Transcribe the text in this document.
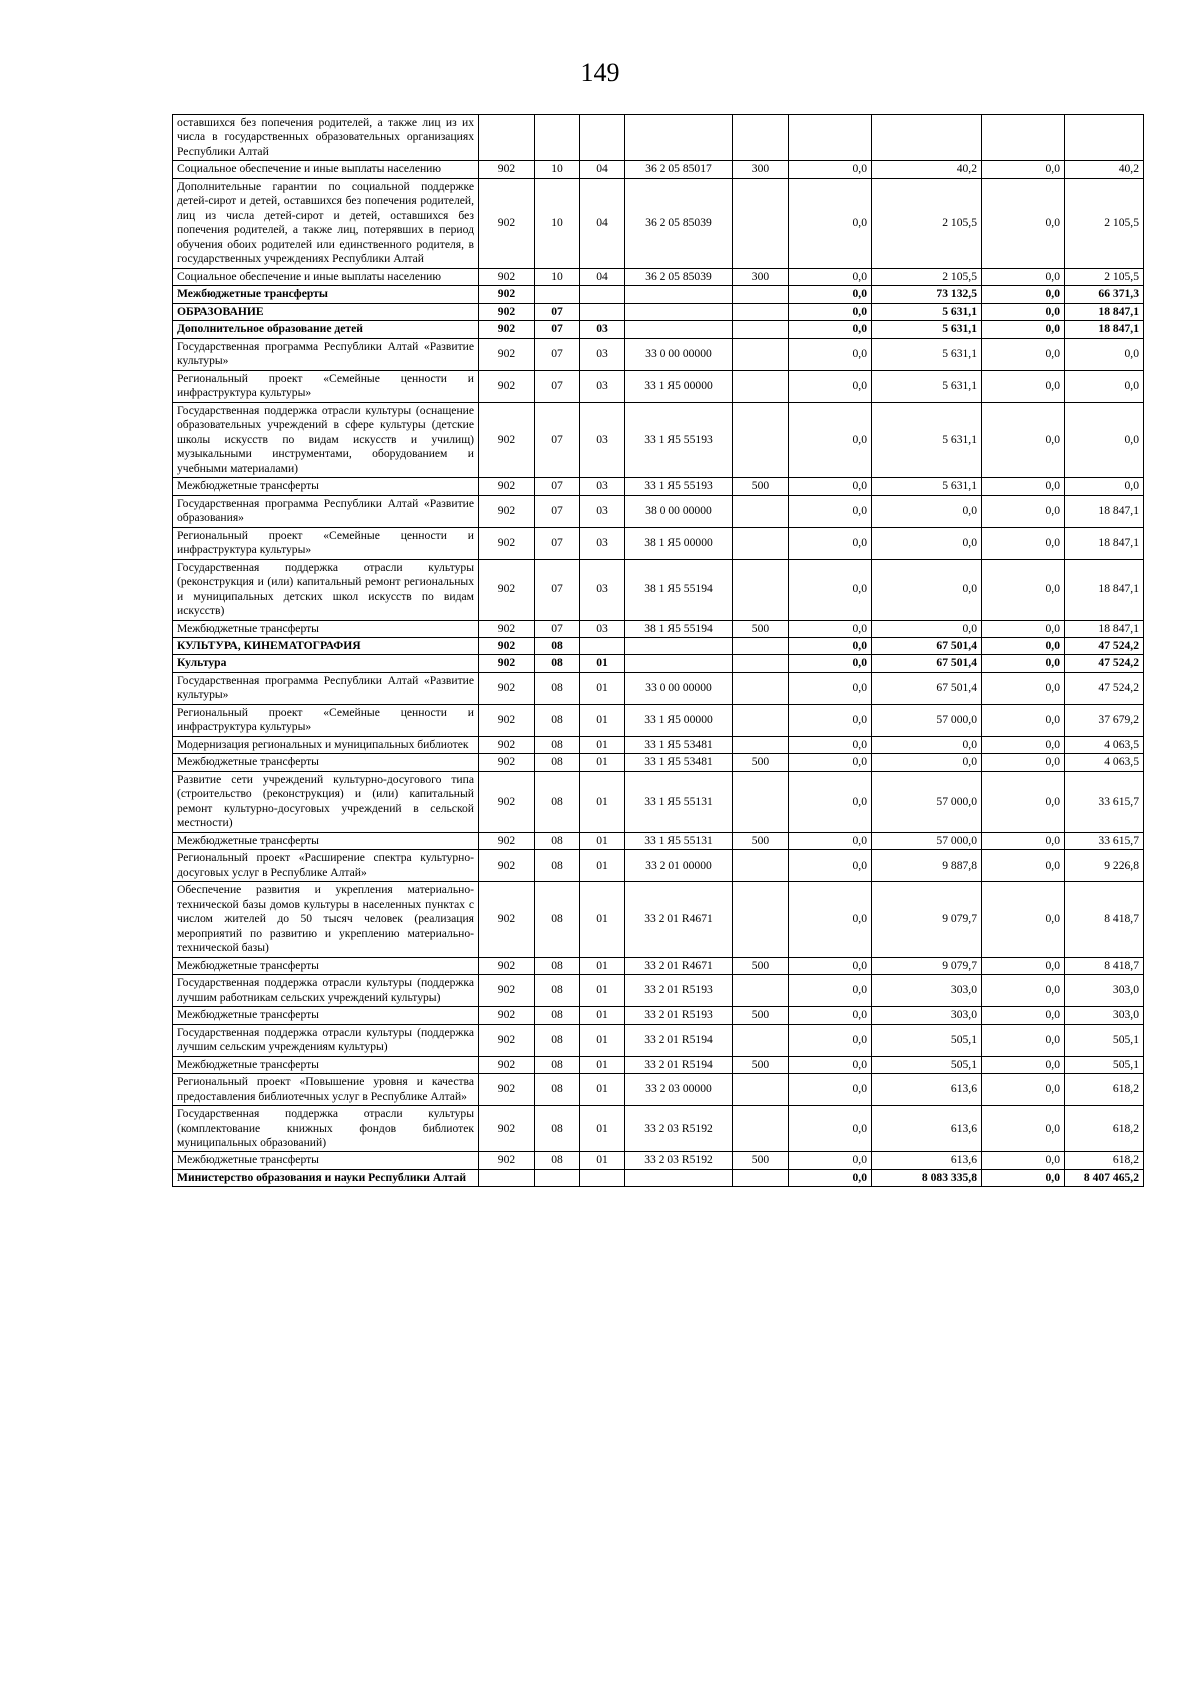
149
оставшихся без попечения родителей, а также лиц из их числа в государственных образовательных организациях Республики Алтай									
Социальное обеспечение и иные выплаты населению	902	10	04	36 2 05 85017	300	0,0	40,2	0,0	40,2
Дополнительные гарантии по социальной поддержке детей-сирот и детей, оставшихся без попечения родителей, лиц из числа детей-сирот и детей, оставшихся без попечения родителей, а также лиц, потерявших в период обучения обоих родителей или единственного родителя, в государственных учреждениях Республики Алтай	902	10	04	36 2 05 85039		0,0	2 105,5	0,0	2 105,5
Социальное обеспечение и иные выплаты населению	902	10	04	36 2 05 85039	300	0,0	2 105,5	0,0	2 105,5
Межбюджетные трансферты	902					0,0	73 132,5	0,0	66 371,3
ОБРАЗОВАНИЕ	902	07				0,0	5 631,1	0,0	18 847,1
Дополнительное образование детей	902	07	03			0,0	5 631,1	0,0	18 847,1
Государственная программа Республики Алтай «Развитие культуры»	902	07	03	33 0 00 00000		0,0	5 631,1	0,0	0,0
Региональный проект «Семейные ценности и инфраструктура культуры»	902	07	03	33 1 Я5 00000		0,0	5 631,1	0,0	0,0
Государственная поддержка отрасли культуры (оснащение образовательных учреждений в сфере культуры (детские школы искусств по видам искусств и училищ) музыкальными инструментами, оборудованием и учебными материалами)	902	07	03	33 1 Я5 55193		0,0	5 631,1	0,0	0,0
Межбюджетные трансферты	902	07	03	33 1 Я5 55193	500	0,0	5 631,1	0,0	0,0
Государственная программа Республики Алтай «Развитие образования»	902	07	03	38 0 00 00000		0,0	0,0	0,0	18 847,1
Региональный проект «Семейные ценности и инфраструктура культуры»	902	07	03	38 1 Я5 00000		0,0	0,0	0,0	18 847,1
Государственная поддержка отрасли культуры (реконструкция и (или) капитальный ремонт региональных и муниципальных детских школ искусств по видам искусств)	902	07	03	38 1 Я5 55194		0,0	0,0	0,0	18 847,1
Межбюджетные трансферты	902	07	03	38 1 Я5 55194	500	0,0	0,0	0,0	18 847,1
КУЛЬТУРА, КИНЕМАТОГРАФИЯ	902	08				0,0	67 501,4	0,0	47 524,2
Культура	902	08	01			0,0	67 501,4	0,0	47 524,2
Государственная программа Республики Алтай «Развитие культуры»	902	08	01	33 0 00 00000		0,0	67 501,4	0,0	47 524,2
Региональный проект «Семейные ценности и инфраструктура культуры»	902	08	01	33 1 Я5 00000		0,0	57 000,0	0,0	37 679,2
Модернизация региональных и муниципальных библиотек	902	08	01	33 1 Я5 53481		0,0	0,0	0,0	4 063,5
Межбюджетные трансферты	902	08	01	33 1 Я5 53481	500	0,0	0,0	0,0	4 063,5
Развитие сети учреждений культурно-досугового типа (строительство (реконструкция) и (или) капитальный ремонт культурно-досуговых учреждений в сельской местности)	902	08	01	33 1 Я5 55131		0,0	57 000,0	0,0	33 615,7
Межбюджетные трансферты	902	08	01	33 1 Я5 55131	500	0,0	57 000,0	0,0	33 615,7
Региональный проект «Расширение спектра культурно-досуговых услуг в Республике Алтай»	902	08	01	33 2 01 00000		0,0	9 887,8	0,0	9 226,8
Обеспечение развития и укрепления материально-технической базы домов культуры в населенных пунктах с числом жителей до 50 тысяч человек (реализация мероприятий по развитию и укреплению материально-технической базы)	902	08	01	33 2 01 R4671		0,0	9 079,7	0,0	8 418,7
Межбюджетные трансферты	902	08	01	33 2 01 R4671	500	0,0	9 079,7	0,0	8 418,7
Государственная поддержка отрасли культуры (поддержка лучшим работникам сельских учреждений культуры)	902	08	01	33 2 01 R5193		0,0	303,0	0,0	303,0
Межбюджетные трансферты	902	08	01	33 2 01 R5193	500	0,0	303,0	0,0	303,0
Государственная поддержка отрасли культуры (поддержка лучшим сельским учреждениям культуры)	902	08	01	33 2 01 R5194		0,0	505,1	0,0	505,1
Межбюджетные трансферты	902	08	01	33 2 01 R5194	500	0,0	505,1	0,0	505,1
Региональный проект «Повышение уровня и качества предоставления библиотечных услуг в Республике Алтай»	902	08	01	33 2 03 00000		0,0	613,6	0,0	618,2
Государственная поддержка отрасли культуры (комплектование книжных фондов библиотек муниципальных образований)	902	08	01	33 2 03 R5192		0,0	613,6	0,0	618,2
Межбюджетные трансферты	902	08	01	33 2 03 R5192	500	0,0	613,6	0,0	618,2
Министерство образования и науки Республики Алтай						0,0	8 083 335,8	0,0	8 407 465,2
